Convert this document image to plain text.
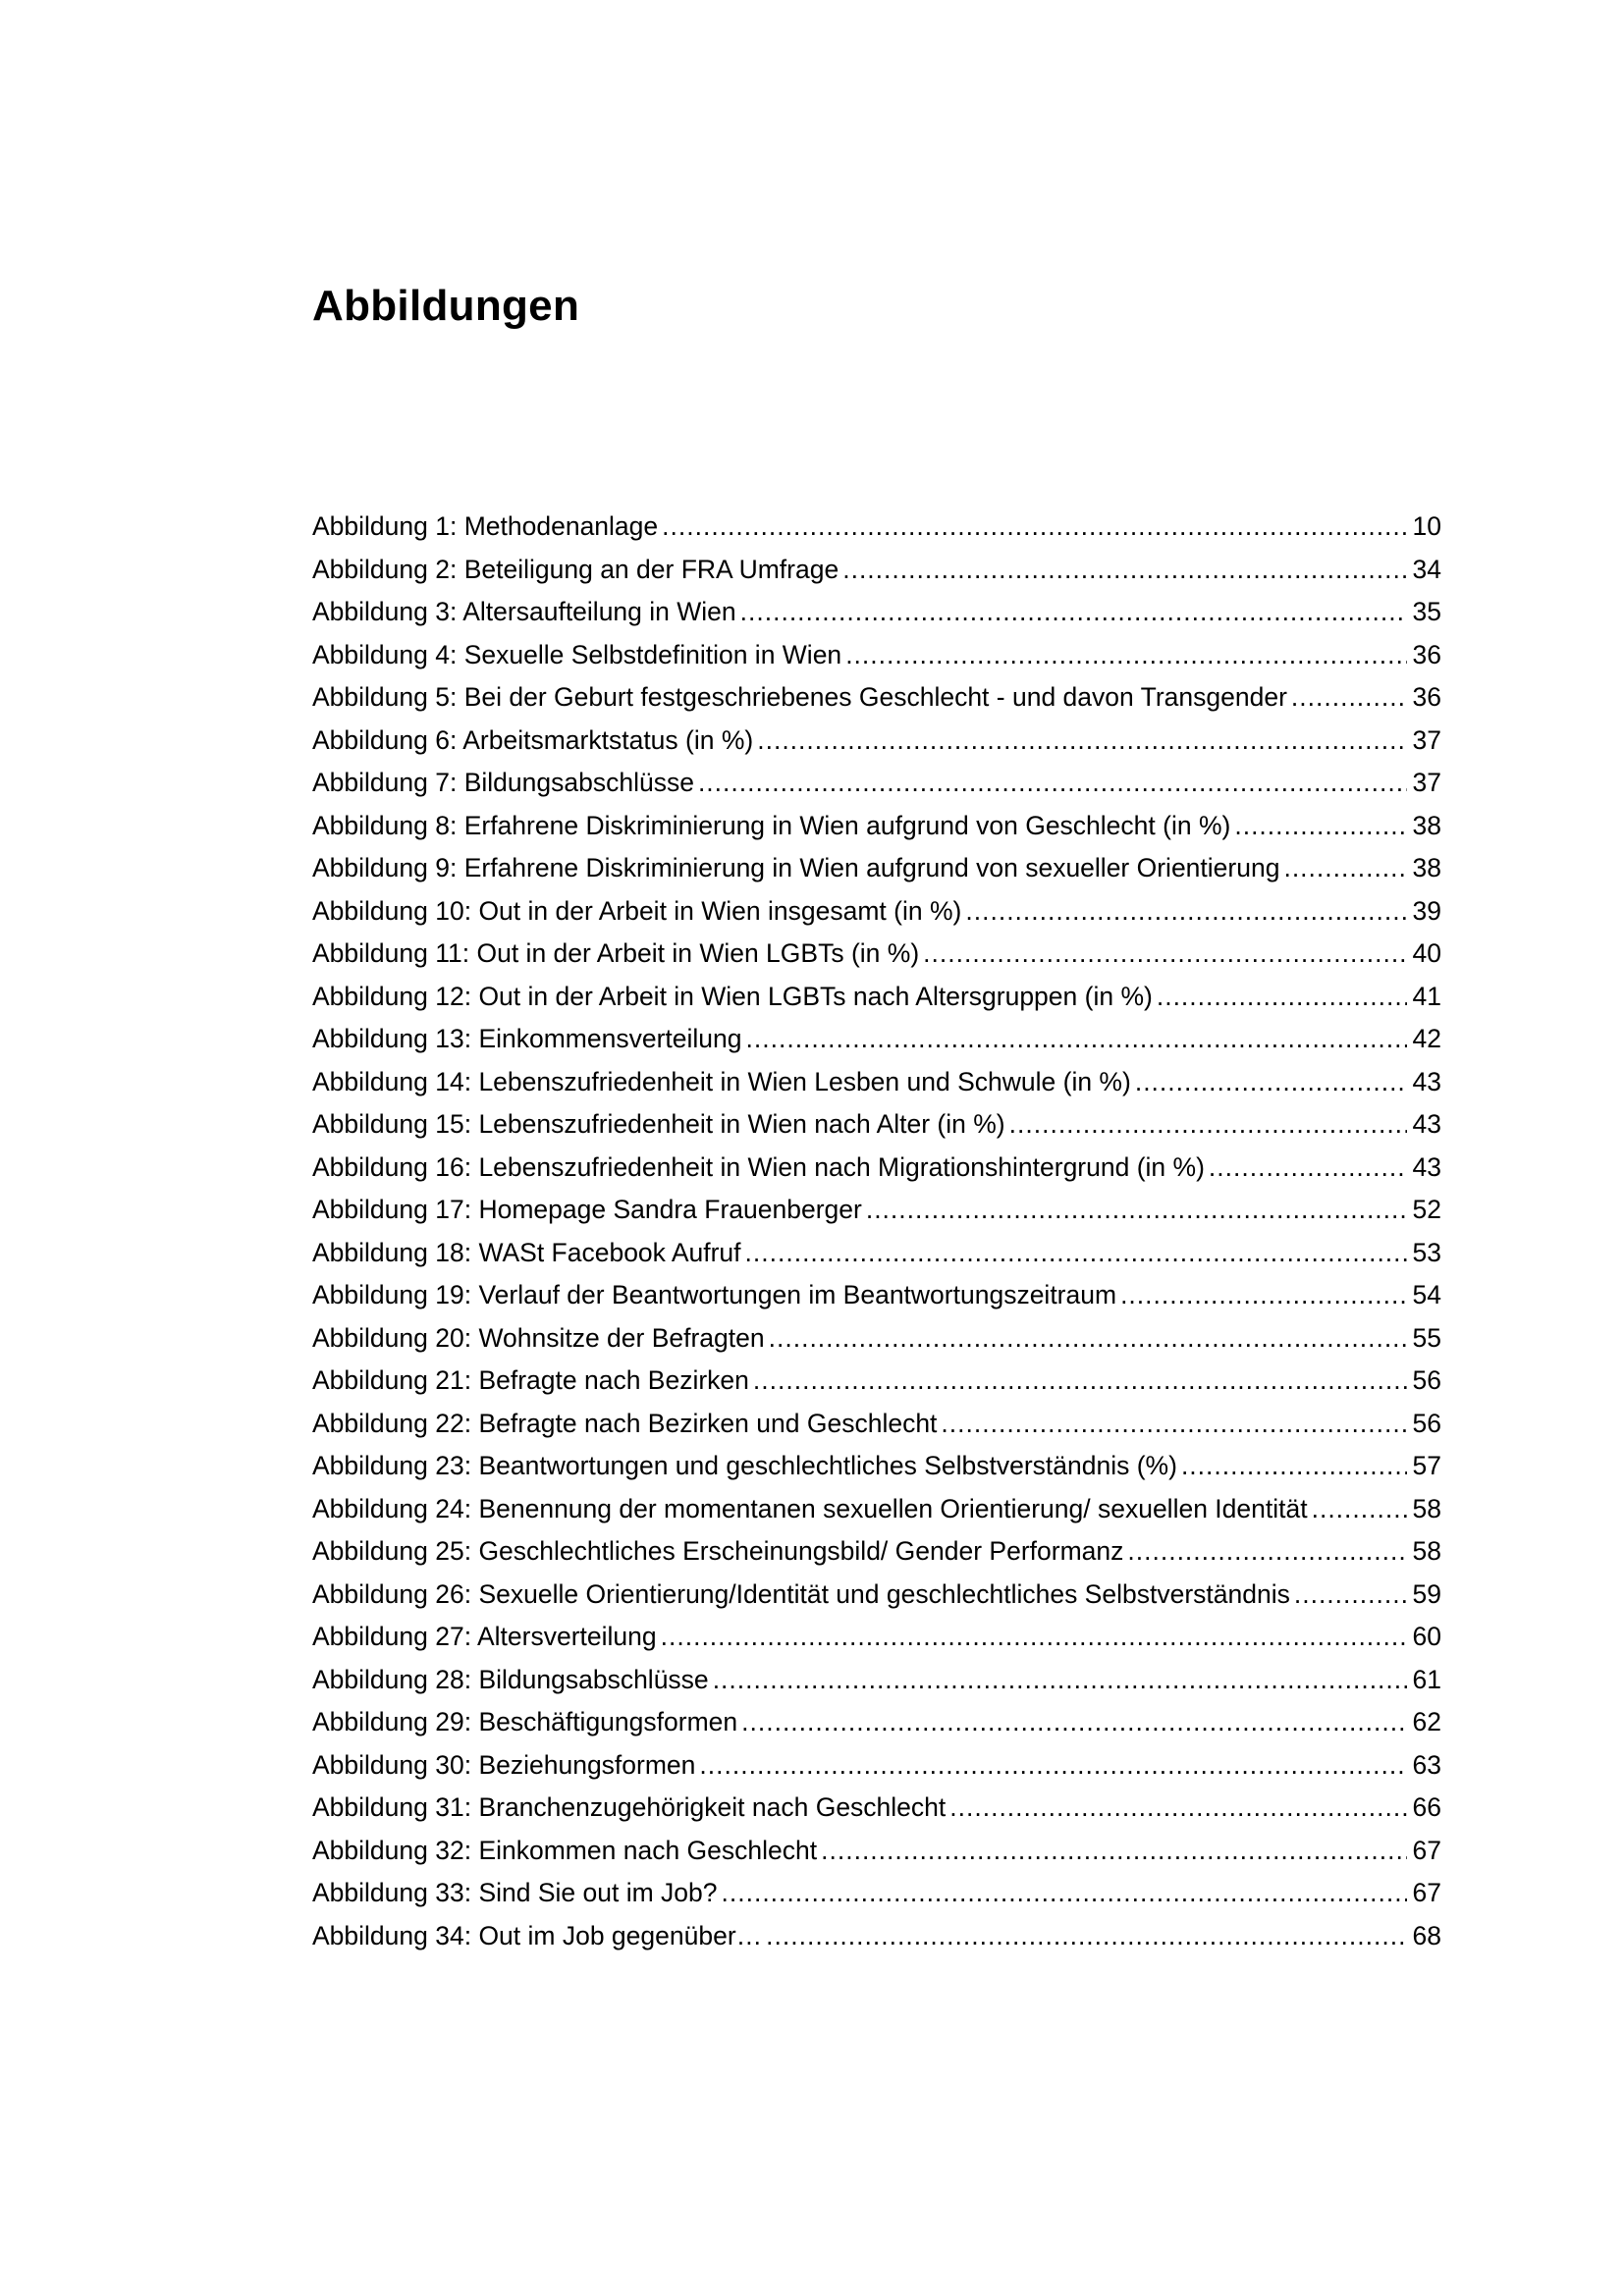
Abbildungen
Abbildung 1: Methodenanlage .....	10
Abbildung 2: Beteiligung an der FRA Umfrage .....	34
Abbildung 3: Altersaufteilung in Wien .....	35
Abbildung 4: Sexuelle Selbstdefinition in Wien .....	36
Abbildung 5: Bei der Geburt festgeschriebenes Geschlecht - und davon Transgender .....	36
Abbildung 6: Arbeitsmarktstatus (in %) .....	37
Abbildung 7: Bildungsabschlüsse .....	37
Abbildung 8: Erfahrene Diskriminierung in Wien aufgrund von Geschlecht (in %) .....	38
Abbildung 9: Erfahrene Diskriminierung in Wien aufgrund von sexueller Orientierung .....	38
Abbildung 10: Out in der Arbeit in Wien insgesamt (in %) .....	39
Abbildung 11: Out in der Arbeit in Wien LGBTs (in %) .....	40
Abbildung 12: Out in der Arbeit in Wien LGBTs nach Altersgruppen (in %) .....	41
Abbildung 13: Einkommensverteilung .....	42
Abbildung 14: Lebenszufriedenheit in Wien Lesben und Schwule (in %) .....	43
Abbildung 15: Lebenszufriedenheit in Wien nach Alter (in %) .....	43
Abbildung 16: Lebenszufriedenheit in Wien nach Migrationshintergrund (in %) .....	43
Abbildung 17: Homepage Sandra Frauenberger .....	52
Abbildung 18: WASt Facebook Aufruf .....	53
Abbildung 19: Verlauf der Beantwortungen im Beantwortungszeitraum .....	54
Abbildung 20: Wohnsitze der Befragten .....	55
Abbildung 21: Befragte nach Bezirken .....	56
Abbildung 22: Befragte nach Bezirken und Geschlecht .....	56
Abbildung 23: Beantwortungen und geschlechtliches Selbstverständnis (%) .....	57
Abbildung 24: Benennung der momentanen sexuellen Orientierung/ sexuellen Identität .....	58
Abbildung 25: Geschlechtliches Erscheinungsbild/ Gender Performanz .....	58
Abbildung 26: Sexuelle Orientierung/Identität und geschlechtliches Selbstverständnis .....	59
Abbildung 27: Altersverteilung .....	60
Abbildung 28: Bildungsabschlüsse .....	61
Abbildung 29: Beschäftigungsformen .....	62
Abbildung 30: Beziehungsformen .....	63
Abbildung 31: Branchenzugehörigkeit nach Geschlecht .....	66
Abbildung 32: Einkommen nach Geschlecht .....	67
Abbildung 33: Sind Sie out im Job? .....	67
Abbildung 34: Out im Job gegenüber… .....	68
